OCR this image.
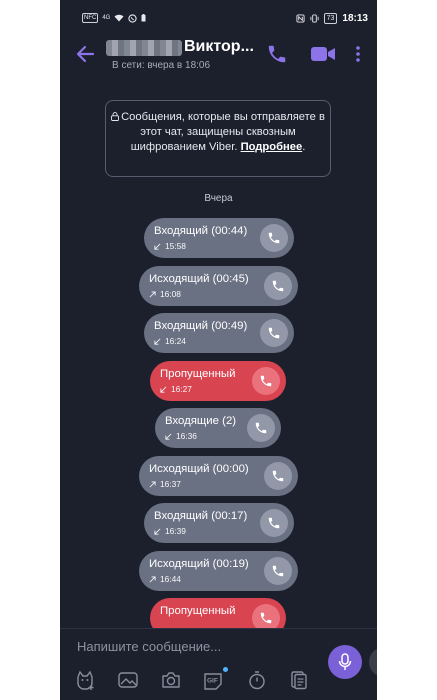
NFC	4G	73 18:13
Виктор...
В сети: вчера в 18:06
Сообщения, которые вы отправляете в этот чат, защищены сквозным шифрованием Viber. Подробнее.
Вчера
Входящий (00:44)
15:58
Исходящий (00:45)
16:08
Входящий (00:49)
16:24
Пропущенный
16:27
Входящие (2)
16:36
Исходящий (00:00)
16:37
Входящий (00:17)
16:39
Исходящий (00:19)
16:44
Пропущенный
Напишите сообщение...
GIF
